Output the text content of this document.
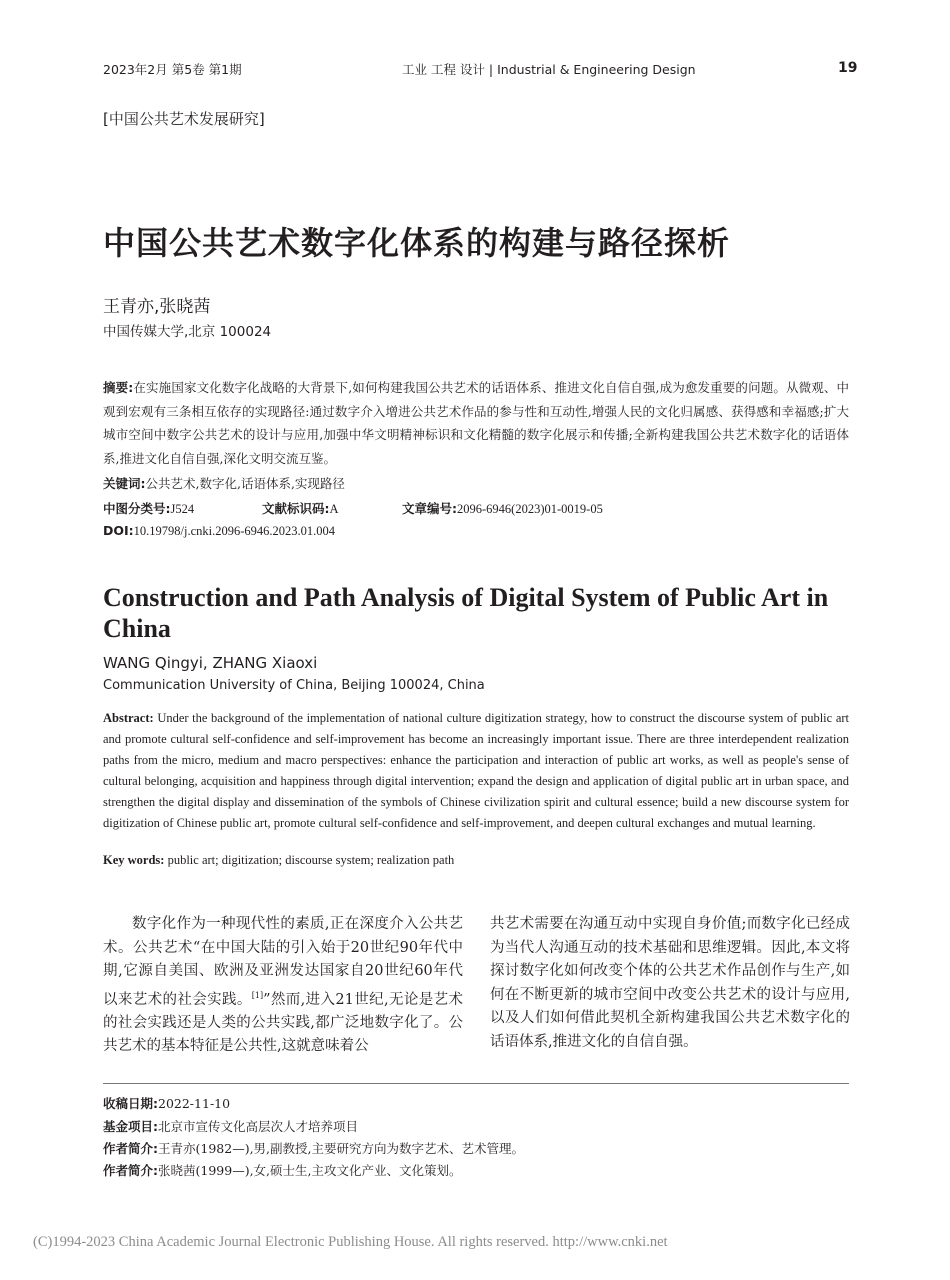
2023年2月 第5卷 第1期	工业 工程 设计 | Industrial & Engineering Design	19
[中国公共艺术发展研究]
中国公共艺术数字化体系的构建与路径探析
王青亦,张晓茜
中国传媒大学,北京 100024
摘要:在实施国家文化数字化战略的大背景下,如何构建我国公共艺术的话语体系、推进文化自信自强,成为愈发重要的问题。从微观、中观到宏观有三条相互依存的实现路径:通过数字介入增进公共艺术作品的参与性和互动性,增强人民的文化归属感、获得感和幸福感;扩大城市空间中数字公共艺术的设计与应用,加强中华文明精神标识和文化精髓的数字化展示和传播;全新构建我国公共艺术数字化的话语体系,推进文化自信自强,深化文明交流互鉴。
关键词:公共艺术,数字化,话语体系,实现路径
中图分类号:J524	文献标识码:A	文章编号:2096-6946(2023)01-0019-05
DOI:10.19798/j.cnki.2096-6946.2023.01.004
Construction and Path Analysis of Digital System of Public Art in China
WANG Qingyi, ZHANG Xiaoxi
Communication University of China, Beijing 100024, China
Abstract: Under the background of the implementation of national culture digitization strategy, how to construct the discourse system of public art and promote cultural self-confidence and self-improvement has become an increasingly important issue. There are three interdependent realization paths from the micro, medium and macro perspectives: enhance the participation and interaction of public art works, as well as people's sense of cultural belonging, acquisition and happiness through digital intervention; expand the design and application of digital public art in urban space, and strengthen the digital display and dissemination of the symbols of Chinese civilization spirit and cultural essence; build a new discourse system for digitization of Chinese public art, promote cultural self-confidence and self-improvement, and deepen cultural exchanges and mutual learning.
Key words: public art; digitization; discourse system; realization path
数字化作为一种现代性的素质,正在深度介入公共艺术。公共艺术“在中国大陆的引入始于20世纪90年代中期,它源自美国、欧洲及亚洲发达国家自20世纪60年代以来艺术的社会实践。[1]”然而,进入21世纪,无论是艺术的社会实践还是人类的公共实践,都广泛地数字化了。公共艺术的基本特征是公共性,这就意味着公
共艺术需要在沟通互动中实现自身价值;而数字化已经成为当代人沟通互动的技术基础和思维逻辑。因此,本文将探讨数字化如何改变个体的公共艺术作品创作与生产,如何在不断更新的城市空间中改变公共艺术的设计与应用,以及人们如何借此契机全新构建我国公共艺术数字化的话语体系,推进文化的自信自强。
收稿日期:2022-11-10
基金项目:北京市宣传文化高层次人才培养项目
作者简介:王青亦(1982—),男,副教授,主要研究方向为数字艺术、艺术管理。
作者简介:张晓茜(1999—),女,硕士生,主攻文化产业、文化策划。
(C)1994-2023 China Academic Journal Electronic Publishing House. All rights reserved. http://www.cnki.net
